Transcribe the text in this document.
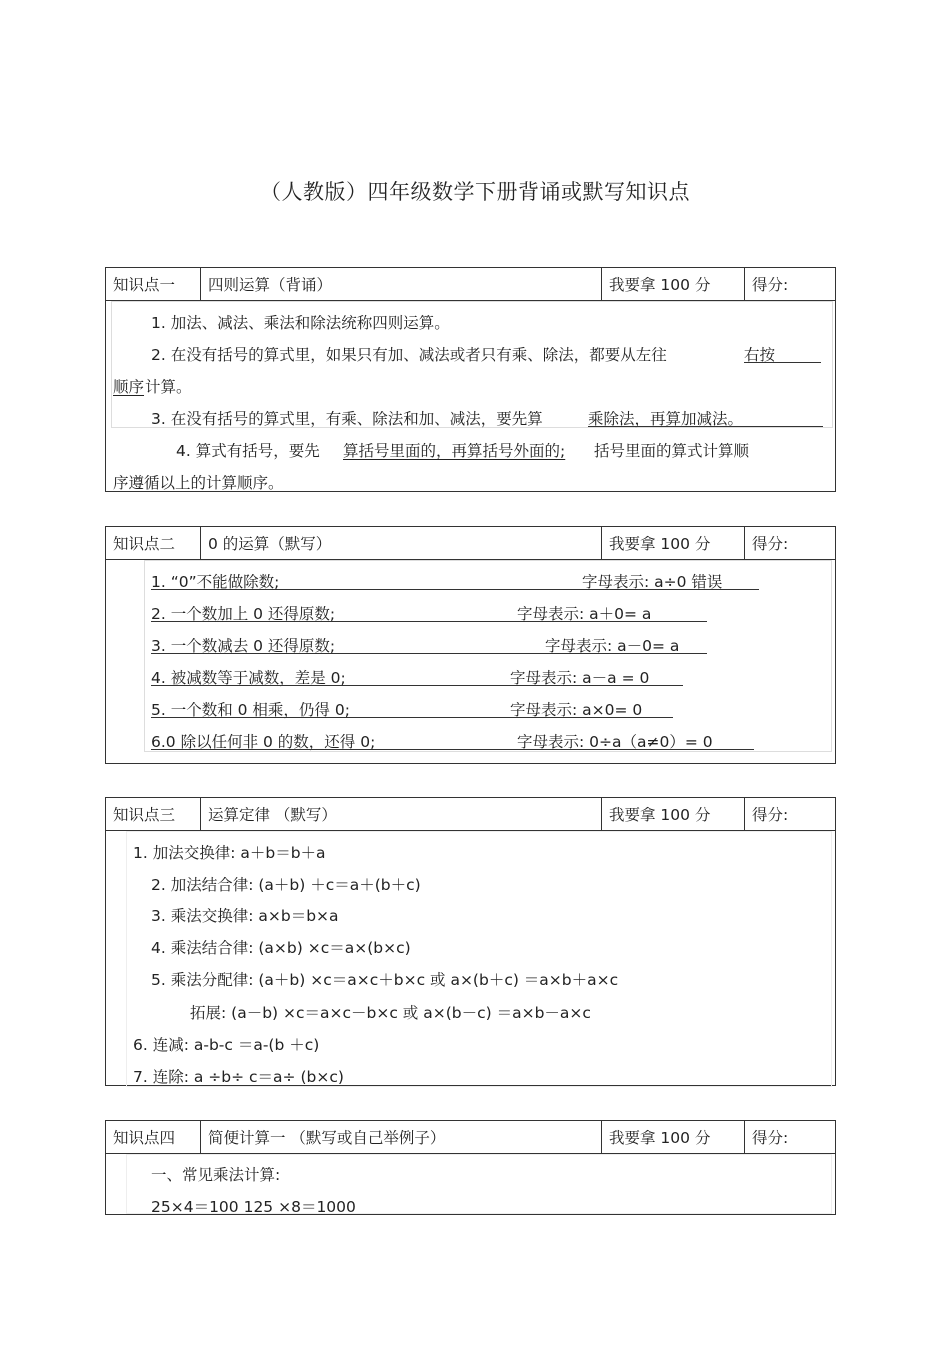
（人教版）四年级数学下册背诵或默写知识点
知识点一	四则运算（背诵）	我要拿 100 分	得分:
1. 加法、减法、乘法和除法统称四则运算。
2. 在没有括号的算式里，如果只有加、减法或者只有乘、除法，都要从左往	右按
顺序 计算。
3. 在没有括号的算式里，有乘、除法和加、减法，要先算	乘除法，再算加减法。
4. 算式有括号，要先 算括号里面的，再算括号外面的; 括号里面的算式计算顺
序遵循以上的计算顺序。
知识点二	0 的运算（默写）	我要拿 100 分	得分:
1. “0”不能做除数;	字母表示: a÷0 错误
2. 一个数加上 0 还得原数;	字母表示: a＋0= a
3. 一个数减去 0 还得原数;	字母表示: a－0= a
4. 被减数等于减数，差是 0;	字母表示: a－a = 0
5. 一个数和 0 相乘，仍得 0;	字母表示: a×0= 0
6.0 除以任何非 0 的数，还得 0;	字母表示: 0÷a（a≠0）= 0
知识点三	运算定律 （默写）	我要拿 100 分	得分:
1. 加法交换律: a＋b＝b＋a
2. 加法结合律: (a＋b) ＋c＝a＋(b＋c)
3. 乘法交换律: a×b＝b×a
4. 乘法结合律: (a×b) ×c＝a×(b×c)
5. 乘法分配律: (a＋b) ×c＝a×c＋b×c 或 a×(b＋c) ＝a×b＋a×c
拓展: (a－b) ×c＝a×c－b×c 或 a×(b－c) ＝a×b－a×c
6. 连减: a-b-c ＝a-(b ＋c)
7. 连除: a ÷b÷ c＝a÷ (b×c)
知识点四	简便计算一 （默写或自己举例子）	我要拿 100 分	得分:
一、常见乘法计算:
25×4＝100 125 ×8＝1000
